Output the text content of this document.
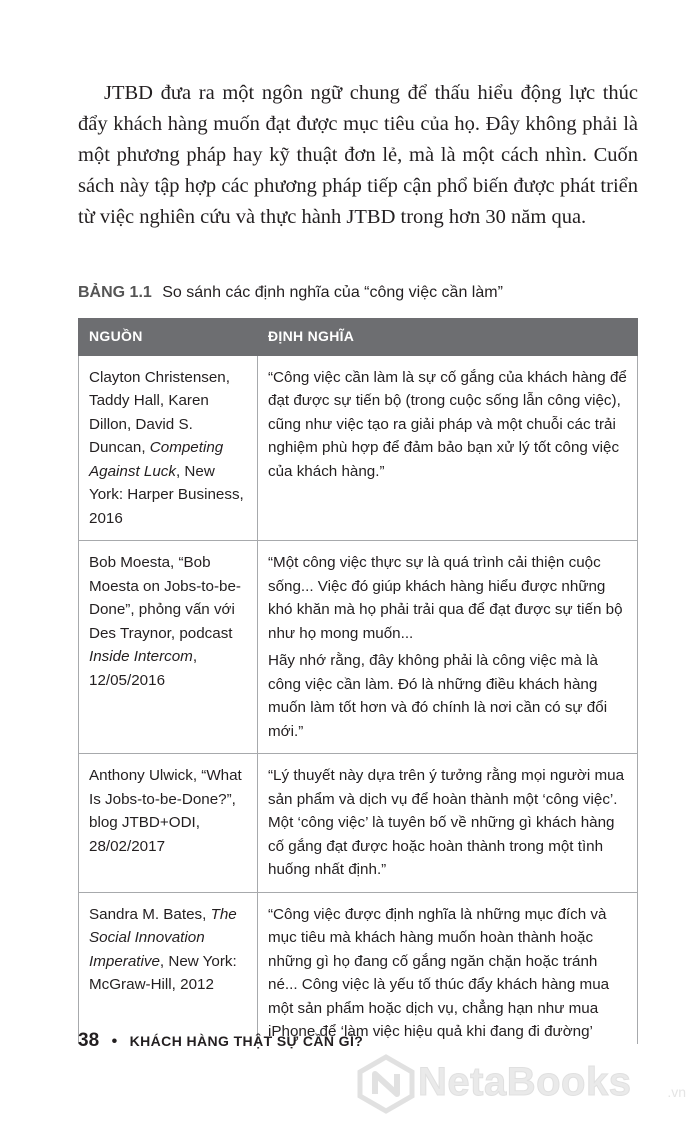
JTBD đưa ra một ngôn ngữ chung để thấu hiểu động lực thúc đẩy khách hàng muốn đạt được mục tiêu của họ. Đây không phải là một phương pháp hay kỹ thuật đơn lẻ, mà là một cách nhìn. Cuốn sách này tập hợp các phương pháp tiếp cận phổ biến được phát triển từ việc nghiên cứu và thực hành JTBD trong hơn 30 năm qua.

BẢNG 1.1 So sánh các định nghĩa của “công việc cần làm”
NGUỒN	ĐỊNH NGHĨA
Clayton Christensen, Taddy Hall, Karen Dillon, David S. Duncan, Competing Against Luck, New York: Harper Business, 2016	“Công việc cần làm là sự cố gắng của khách hàng để đạt được sự tiến bộ (trong cuộc sống lẫn công việc), cũng như việc tạo ra giải pháp và một chuỗi các trải nghiệm phù hợp để đảm bảo bạn xử lý tốt công việc của khách hàng.”

Bob Moesta, “Bob Moesta on Jobs-to-be-Done”, phỏng vấn với Des Traynor, podcast Inside Intercom, 12/05/2016	“Một công việc thực sự là quá trình cải thiện cuộc sống... Việc đó giúp khách hàng hiểu được những khó khăn mà họ phải trải qua để đạt được sự tiến bộ như họ mong muốn...

Hãy nhớ rằng, đây không phải là công việc mà là công việc cần làm. Đó là những điều khách hàng muốn làm tốt hơn và đó chính là nơi cần có sự đổi mới.”

Anthony Ulwick, “What Is Jobs-to-be-Done?”, blog JTBD+ODI, 28/02/2017	“Lý thuyết này dựa trên ý tưởng rằng mọi người mua sản phẩm và dịch vụ để hoàn thành một ‘công việc’. Một ‘công việc’ là tuyên bố về những gì khách hàng cố gắng đạt được hoặc hoàn thành trong một tình huống nhất định.”

Sandra M. Bates, The Social Innovation Imperative, New York: McGraw-Hill, 2012	“Công việc được định nghĩa là những mục đích và mục tiêu mà khách hàng muốn hoàn thành hoặc những gì họ đang cố gắng ngăn chặn hoặc tránh né... Công việc là yếu tố thúc đẩy khách hàng mua một sản phẩm hoặc dịch vụ, chẳng hạn như mua iPhone để ‘làm việc hiệu quả khi đang đi đường’

38 • KHÁCH HÀNG THẬT SỰ CẦN GÌ?
NetaBooks	.vn
